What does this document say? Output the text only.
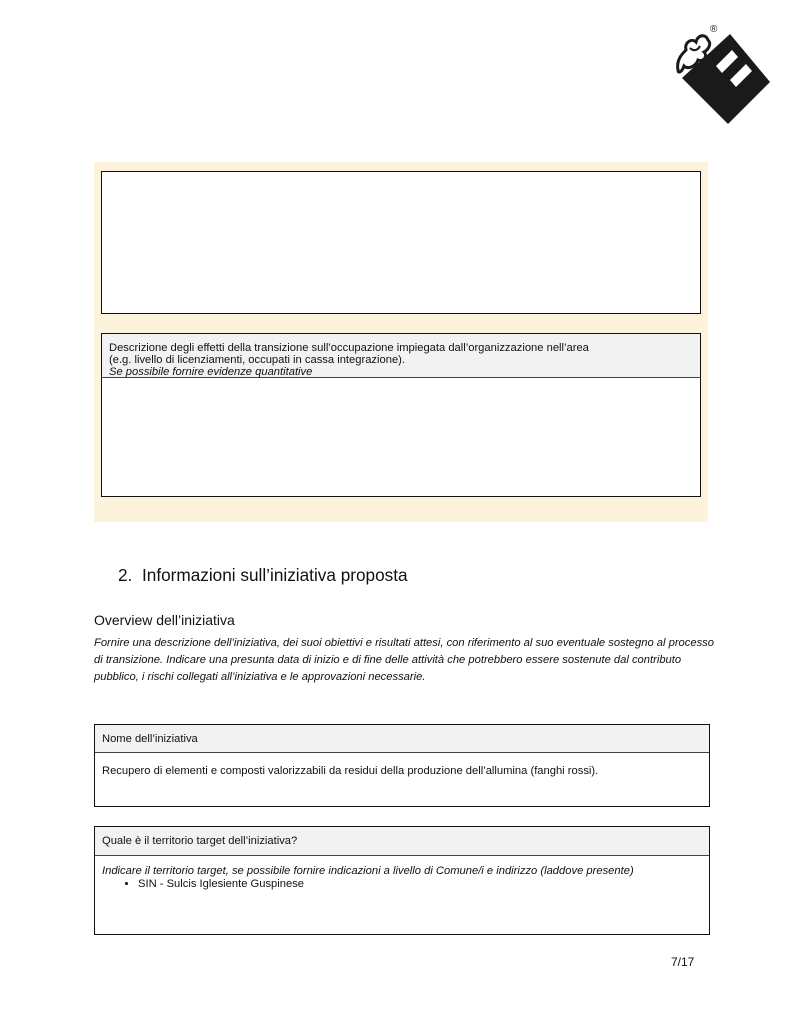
®
Descrizione degli effetti della transizione sull’occupazione impiegata dall’organizzazione nell’area
(e.g. livello di licenziamenti, occupati in cassa integrazione).
Se possibile fornire evidenze quantitative
2. Informazioni sull’iniziativa proposta
Overview dell’iniziativa
Fornire una descrizione dell’iniziativa, dei suoi obiettivi e risultati attesi, con riferimento al suo eventuale sostegno al processo di transizione. Indicare una presunta data di inizio e di fine delle attività che potrebbero essere sostenute dal contributo pubblico, i rischi collegati all’iniziativa e le approvazioni necessarie.
Nome dell’iniziativa
Recupero di elementi e composti valorizzabili da residui della produzione dell’allumina (fanghi rossi).
Quale è il territorio target dell’iniziativa?
Indicare il territorio target, se possibile fornire indicazioni a livello di Comune/i e indirizzo (laddove presente)
• SIN - Sulcis Iglesiente Guspinese
7/17
